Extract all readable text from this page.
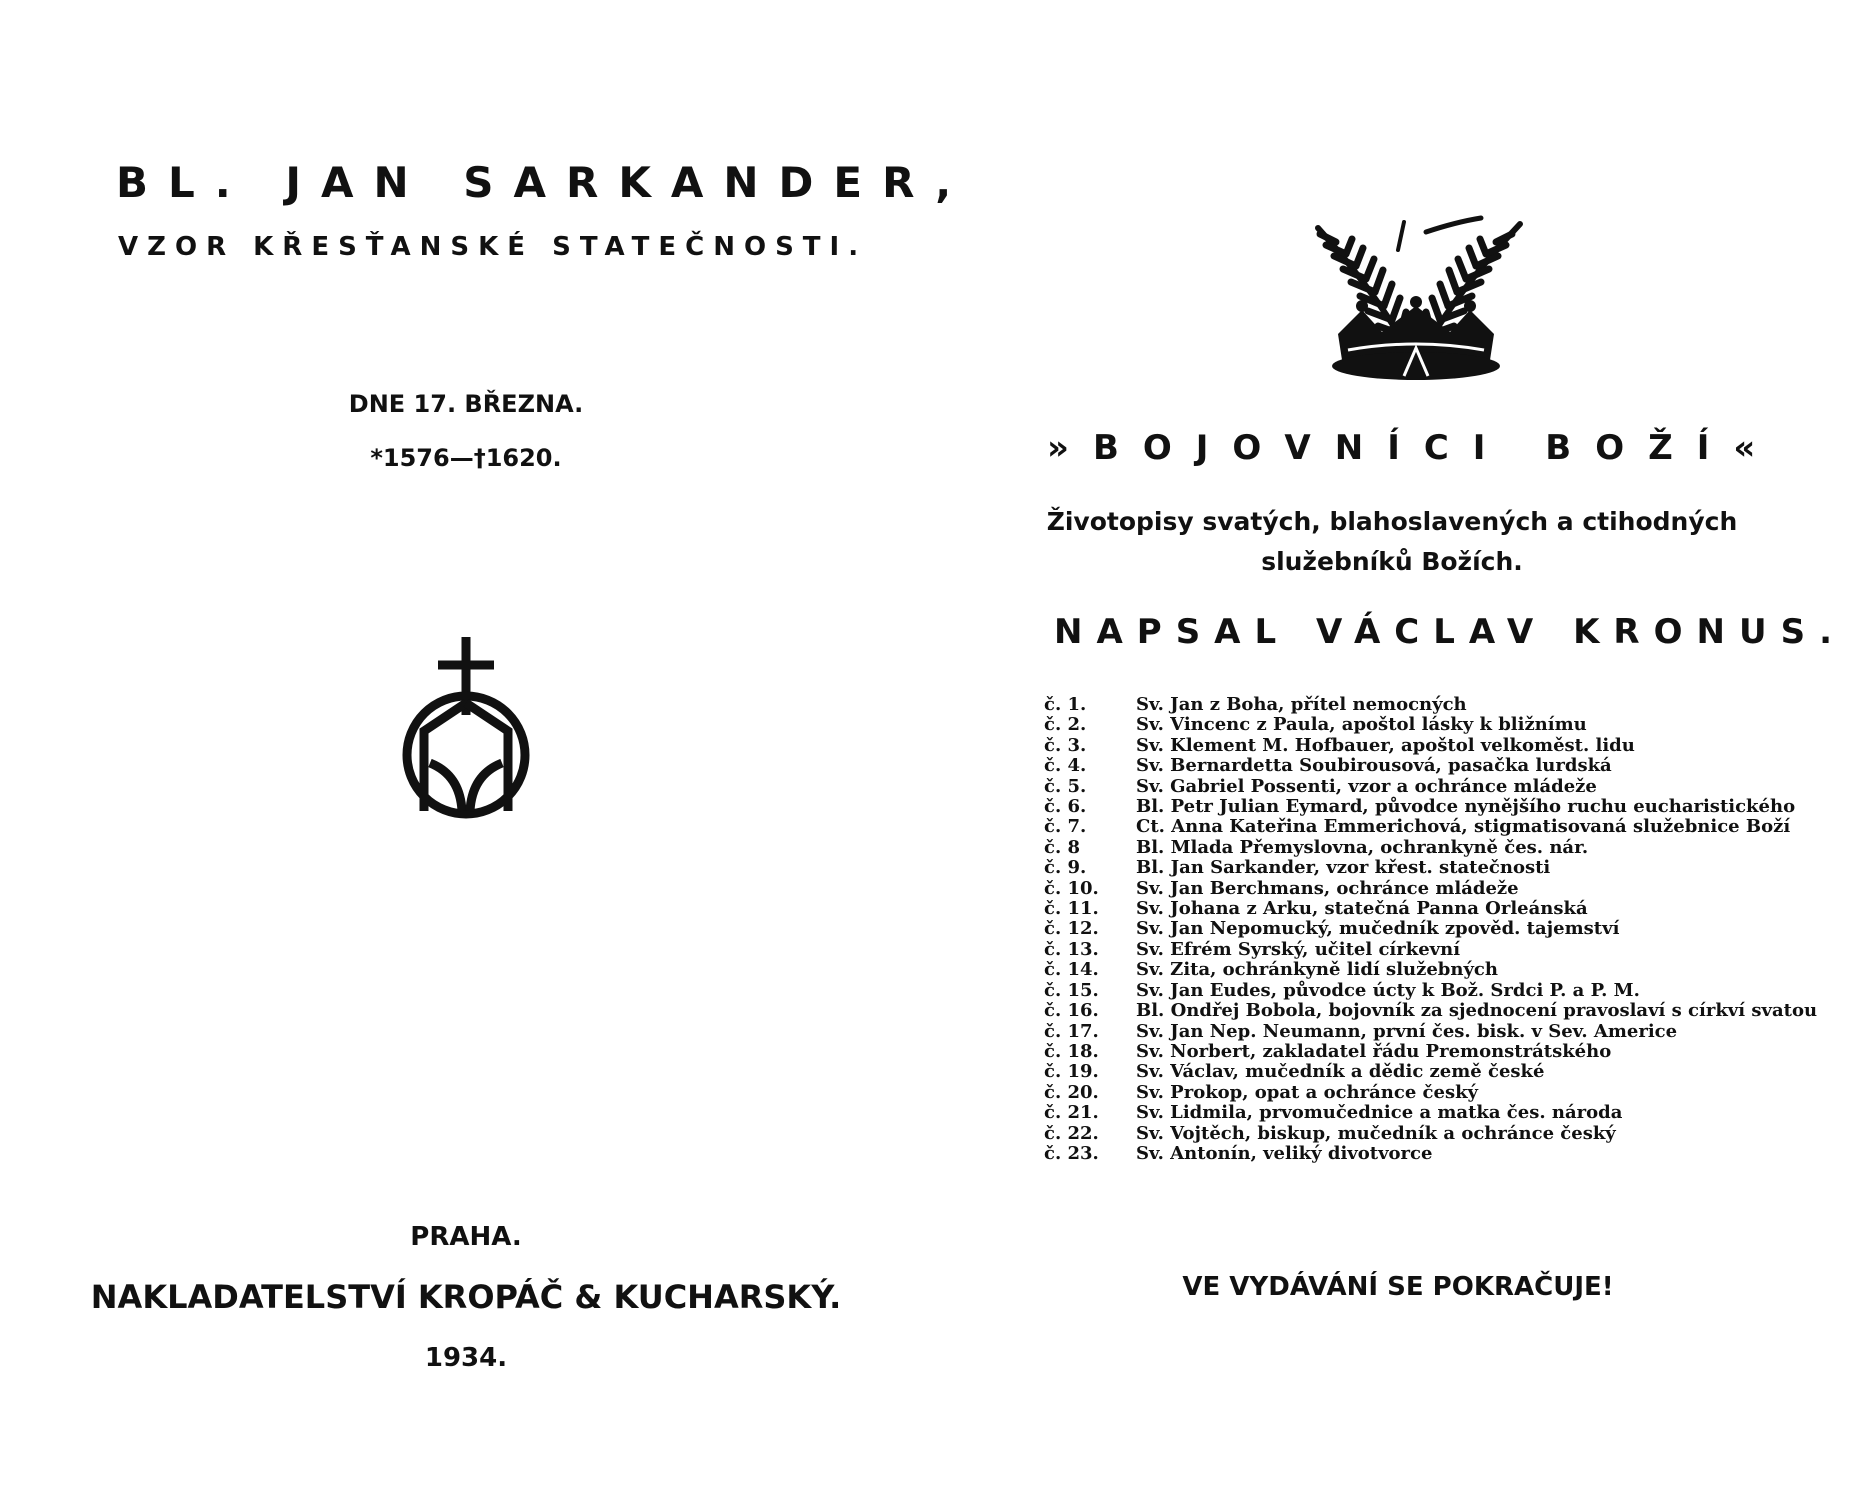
BL. JAN SARKANDER,
VZOR KŘESŤANSKÉ STATEČNOSTI.
DNE 17. BŘEZNA.
*1576—†1620.
PRAHA.
NAKLADATELSTVÍ KROPÁČ & KUCHARSKÝ.
1934.
»BOJOVNÍCI BOŽÍ«
Životopisy svatých, blahoslavených a ctihodných
služebníků Božích.
NAPSAL VÁCLAV KRONUS.
č. 1.	Sv. Jan z Boha, přítel nemocných
č. 2.	Sv. Vincenc z Paula, apoštol lásky k bližnímu
č. 3.	Sv. Klement M. Hofbauer, apoštol velkoměst. lidu
č. 4.	Sv. Bernardetta Soubirousová, pasačka lurdská
č. 5.	Sv. Gabriel Possenti, vzor a ochránce mládeže
č. 6.	Bl. Petr Julian Eymard, původce nynějšího ruchu eucharistického
č. 7.	Ct. Anna Kateřina Emmerichová, stigmatisovaná služebnice Boží
č. 8	Bl. Mlada Přemyslovna, ochrankyně čes. nár.
č. 9.	Bl. Jan Sarkander, vzor křest. statečnosti
č. 10.	Sv. Jan Berchmans, ochránce mládeže
č. 11.	Sv. Johana z Arku, statečná Panna Orleánská
č. 12.	Sv. Jan Nepomucký, mučedník zpověd. tajemství
č. 13.	Sv. Efrém Syrský, učitel církevní
č. 14.	Sv. Zita, ochránkyně lidí služebných
č. 15.	Sv. Jan Eudes, původce úcty k Bož. Srdci P. a P. M.
č. 16.	Bl. Ondřej Bobola, bojovník za sjednocení pravoslaví s církví svatou
č. 17.	Sv. Jan Nep. Neumann, první čes. bisk. v Sev. Americe
č. 18.	Sv. Norbert, zakladatel řádu Premonstrátského
č. 19.	Sv. Václav, mučedník a dědic země české
č. 20.	Sv. Prokop, opat a ochránce český
č. 21.	Sv. Lidmila, prvomučednice a matka čes. národa
č. 22.	Sv. Vojtěch, biskup, mučedník a ochránce český
č. 23.	Sv. Antonín, veliký divotvorce
VE VYDÁVÁNÍ SE POKRAČUJE!
